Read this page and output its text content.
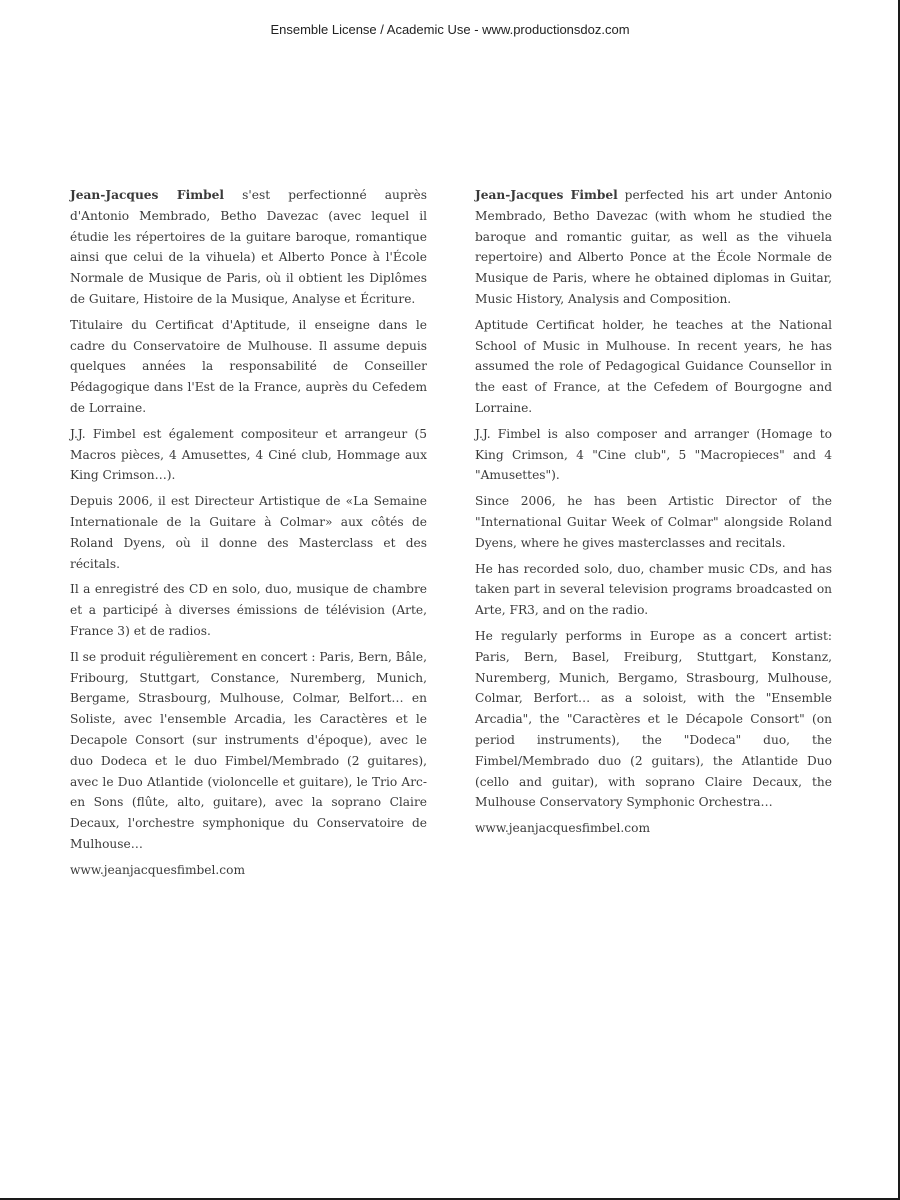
Ensemble License / Academic Use - www.productionsdoz.com

Jean-Jacques Fimbel s'est perfectionné auprès d'Antonio Membrado, Betho Davezac (avec lequel il étudie les répertoires de la guitare baroque, romantique ainsi que celui de la vihuela) et Alberto Ponce à l'École Normale de Musique de Paris, où il obtient les Diplômes de Guitare, Histoire de la Musique, Analyse et Écriture.

Titulaire du Certificat d'Aptitude, il enseigne dans le cadre du Conservatoire de Mulhouse. Il assume depuis quelques années la responsabilité de Conseiller Pédagogique dans l'Est de la France, auprès du Cefedem de Lorraine.

J.J. Fimbel est également compositeur et arrangeur (5 Macros pièces, 4 Amusettes, 4 Ciné club, Hommage aux King Crimson…).

Depuis 2006, il est Directeur Artistique de «La Semaine Internationale de la Guitare à Colmar» aux côtés de Roland Dyens, où il donne des Masterclass et des récitals.

Il a enregistré des CD en solo, duo, musique de chambre et a participé à diverses émissions de télévision (Arte, France 3) et de radios.

Il se produit régulièrement en concert : Paris, Bern, Bâle, Fribourg, Stuttgart, Constance, Nuremberg, Munich, Bergame, Strasbourg, Mulhouse, Colmar, Belfort… en Soliste, avec l'ensemble Arcadia, les Caractères et le Decapole Consort (sur instruments d'époque), avec le duo Dodeca et le duo Fimbel/Membrado (2 guitares), avec le Duo Atlantide (violoncelle et guitare), le Trio Arc-en Sons (flûte, alto, guitare), avec la soprano Claire Decaux, l'orchestre symphonique du Conservatoire de Mulhouse…

www.jeanjacquesfimbel.com

Jean-Jacques Fimbel perfected his art under Antonio Membrado, Betho Davezac (with whom he studied the baroque and romantic guitar, as well as the vihuela repertoire) and Alberto Ponce at the École Normale de Musique de Paris, where he obtained diplomas in Guitar, Music History, Analysis and Composition.

Aptitude Certificat holder, he teaches at the National School of Music in Mulhouse. In recent years, he has assumed the role of Pedagogical Guidance Counsellor in the east of France, at the Cefedem of Bourgogne and Lorraine.

J.J. Fimbel is also composer and arranger (Homage to King Crimson, 4 "Cine club", 5 "Macropieces" and 4 "Amusettes").

Since 2006, he has been Artistic Director of the "International Guitar Week of Colmar" alongside Roland Dyens, where he gives masterclasses and recitals.

He has recorded solo, duo, chamber music CDs, and has taken part in several television programs broadcasted on Arte, FR3, and on the radio.

He regularly performs in Europe as a concert artist: Paris, Bern, Basel, Freiburg, Stuttgart, Konstanz, Nuremberg, Munich, Bergamo, Strasbourg, Mulhouse, Colmar, Berfort… as a soloist, with the "Ensemble Arcadia", the "Caractères et le Décapole Consort" (on period instruments), the "Dodeca" duo, the Fimbel/Membrado duo (2 guitars), the Atlantide Duo (cello and guitar), with soprano Claire Decaux, the Mulhouse Conservatory Symphonic Orchestra…

www.jeanjacquesfimbel.com
